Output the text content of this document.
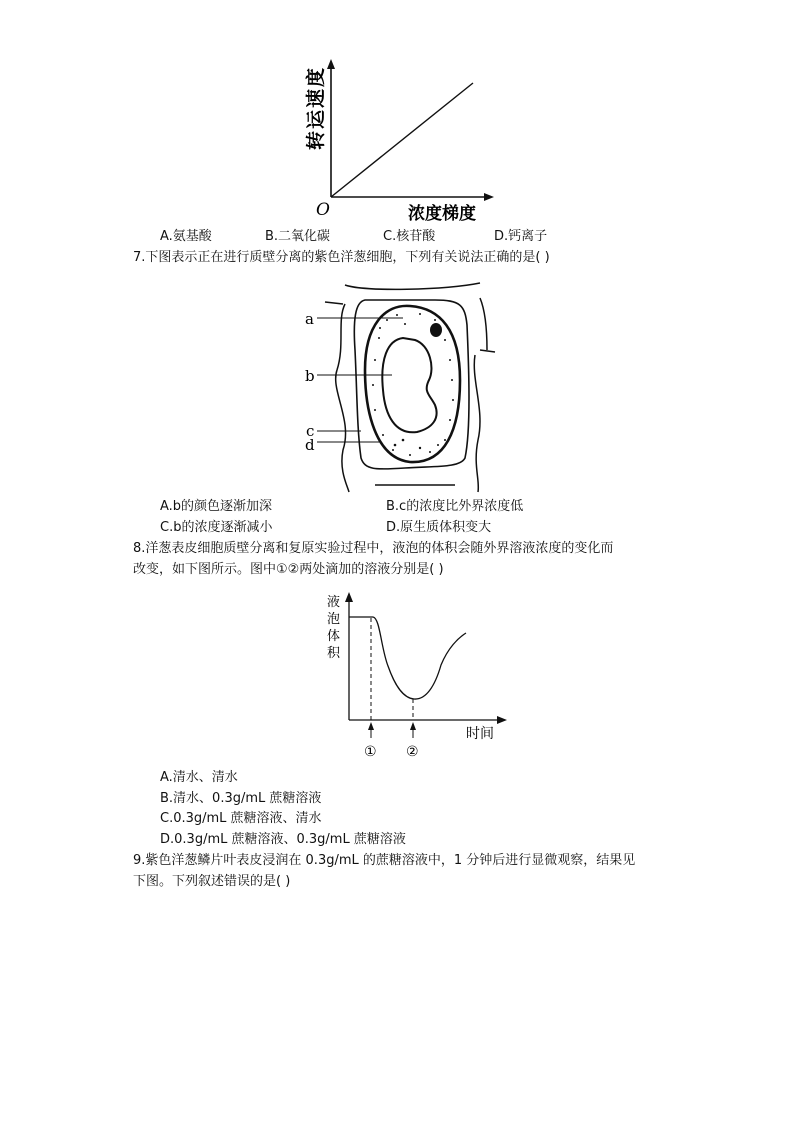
转运速度
O	浓度梯度
A.氨基酸	B.二氧化碳	C.核苷酸	D.钙离子
7.下图表示正在进行质壁分离的紫色洋葱细胞，下列有关说法正确的是( )
a
b
c
d
A.b的颜色逐渐加深	B.c的浓度比外界浓度低
C.b的浓度逐渐减小	D.原生质体积变大
8.洋葱表皮细胞质壁分离和复原实验过程中，液泡的体积会随外界溶液浓度的变化而
改变，如下图所示。图中①②两处滴加的溶液分别是( )
液
泡
体
积
时间
① ②
A.清水、清水
B.清水、0.3g/mL 蔗糖溶液
C.0.3g/mL 蔗糖溶液、清水
D.0.3g/mL 蔗糖溶液、0.3g/mL 蔗糖溶液
9.紫色洋葱鳞片叶表皮浸润在 0.3g/mL 的蔗糖溶液中，1 分钟后进行显微观察，结果见
下图。下列叙述错误的是( )
